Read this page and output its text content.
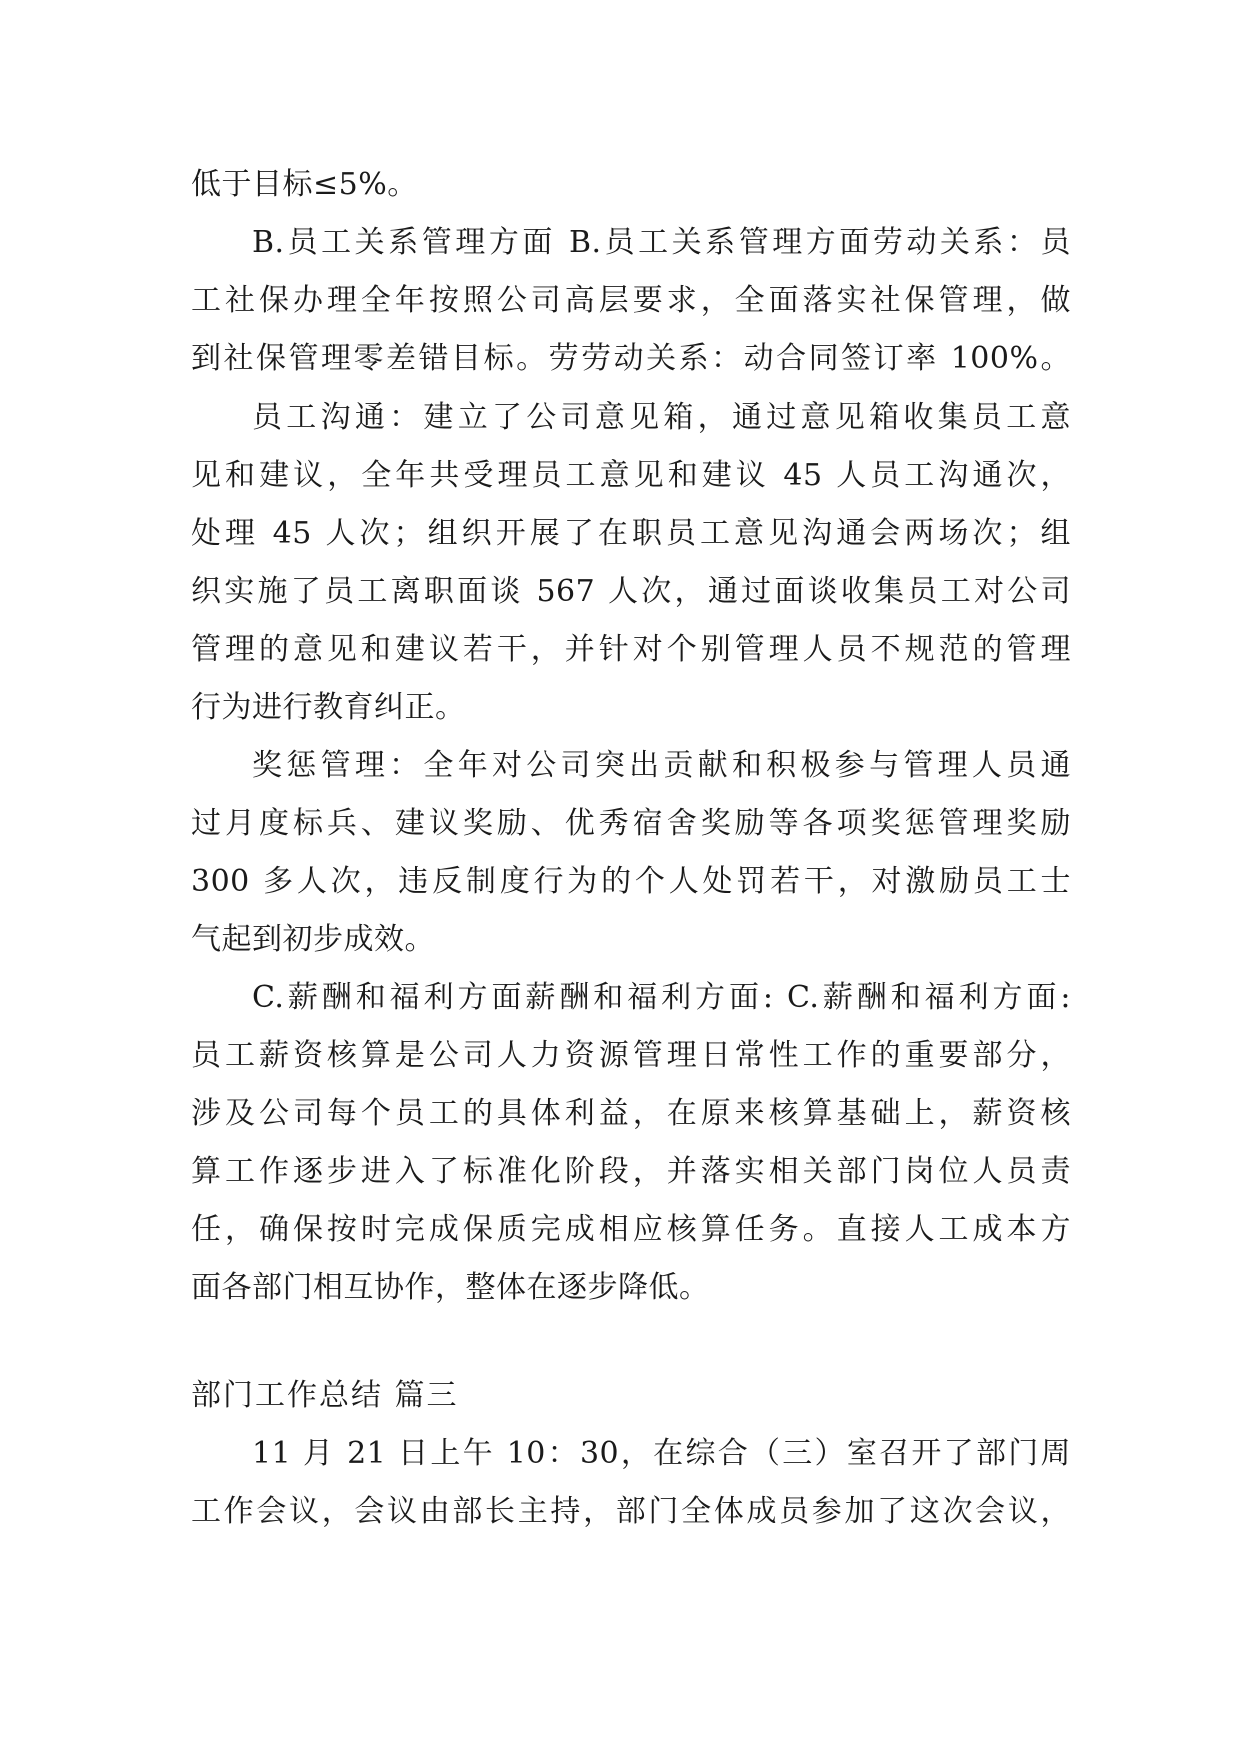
低于目标≤5%。
B.员工关系管理方面 B.员工关系管理方面劳动关系：员
工社保办理全年按照公司高层要求，全面落实社保管理，做
到社保管理零差错目标。劳劳动关系：动合同签订率 100%。
员工沟通：建立了公司意见箱，通过意见箱收集员工意
见和建议，全年共受理员工意见和建议 45 人员工沟通次，
处理 45 人次；组织开展了在职员工意见沟通会两场次；组
织实施了员工离职面谈 567 人次，通过面谈收集员工对公司
管理的意见和建议若干，并针对个别管理人员不规范的管理
行为进行教育纠正。
奖惩管理：全年对公司突出贡献和积极参与管理人员通
过月度标兵、建议奖励、优秀宿舍奖励等各项奖惩管理奖励
300 多人次，违反制度行为的个人处罚若干，对激励员工士
气起到初步成效。
C.薪酬和福利方面薪酬和福利方面: C.薪酬和福利方面:
员工薪资核算是公司人力资源管理日常性工作的重要部分，
涉及公司每个员工的具体利益，在原来核算基础上，薪资核
算工作逐步进入了标准化阶段，并落实相关部门岗位人员责
任，确保按时完成保质完成相应核算任务。直接人工成本方
面各部门相互协作，整体在逐步降低。
部门工作总结 篇三
11 月 21 日上午 10：30，在综合（三）室召开了部门周
工作会议，会议由部长主持，部门全体成员参加了这次会议，
